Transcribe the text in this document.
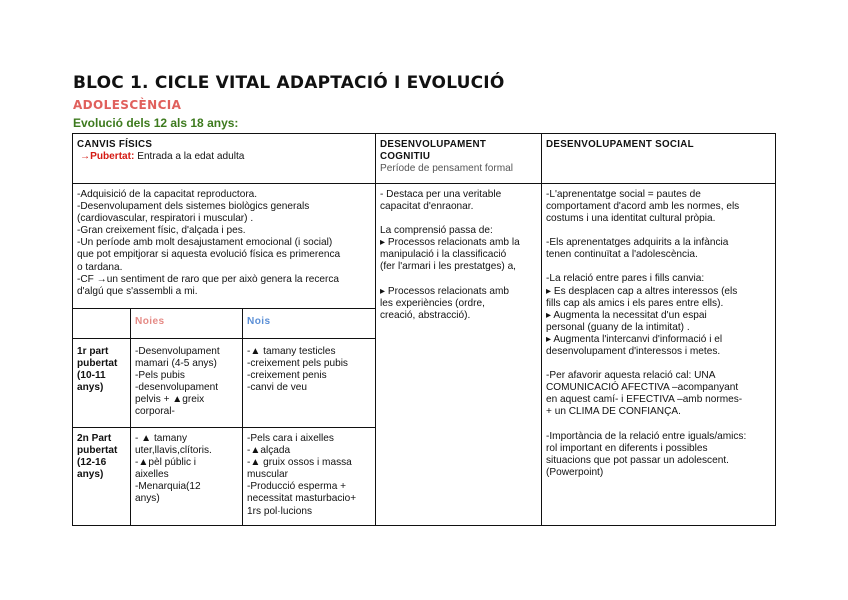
BLOC 1. CICLE VITAL ADAPTACIÓ I EVOLUCIÓ
ADOLESCÈNCIA
Evolució dels 12 als 18 anys:
CANVIS FÍSICS
→Pubertat: Entrada a la edat adulta
DESENVOLUPAMENT
COGNITIU
Període de pensament formal
DESENVOLUPAMENT SOCIAL
-Adquisició de la capacitat reproductora.
-Desenvolupament dels sistemes biològics generals
(cardiovascular, respiratori i muscular) .
-Gran creixement físic, d'alçada i pes.
-Un període amb molt desajustament emocional (i social)
que pot empitjorar si aquesta evolució física es primerenca
o tardana.
-CF →un sentiment de raro que per això genera la recerca
d'algú que s'assembli a mi.
Noies	Nois
1r part
pubertat
(10-11
anys)
-Desenvolupament
mamari (4-5 anys)
-Pels pubis
-desenvolupament
pelvis + ▲greix
corporal-
-▲ tamany testicles
-creixement pels pubis
-creixement penis
-canvi de veu
2n Part
pubertat
(12-16
anys)
- ▲ tamany
uter,llavis,clítoris.
-▲pèl públic i
aixelles
-Menarquia(12
anys)
-Pels cara i aixelles
-▲alçada
-▲ gruix ossos i massa
muscular
-Producció esperma +
necessitat masturbacio+
1rs pol·lucions
- Destaca per una veritable
capacitat d'enraonar.
La comprensió passa de:
▸ Processos relacionats amb la
manipulació i la classificació
(fer l'armari i les prestatges) a,
▸ Processos relacionats amb
les experiències (ordre,
creació, abstracció).
-L'aprenentatge social = pautes de
comportament d'acord amb les normes, els
costums i una identitat cultural pròpia.
-Els aprenentatges adquirits a la infància
tenen continuïtat a l'adolescència.
-La relació entre pares i fills canvia:
▸ Es desplacen cap a altres interessos (els
fills cap als amics i els pares entre ells).
▸ Augmenta la necessitat d'un espai
personal (guany de la intimitat) .
▸ Augmenta l'intercanvi d'informació i el
desenvolupament d'interessos i metes.
-Per afavorir aquesta relació cal: UNA
COMUNICACIÓ AFECTIVA –acompanyant
en aquest camí- i EFECTIVA –amb normes-
+ un CLIMA DE CONFIANÇA.
-Importància de la relació entre iguals/amics:
rol important en diferents i possibles
situacions que pot passar un adolescent.
(Powerpoint)
